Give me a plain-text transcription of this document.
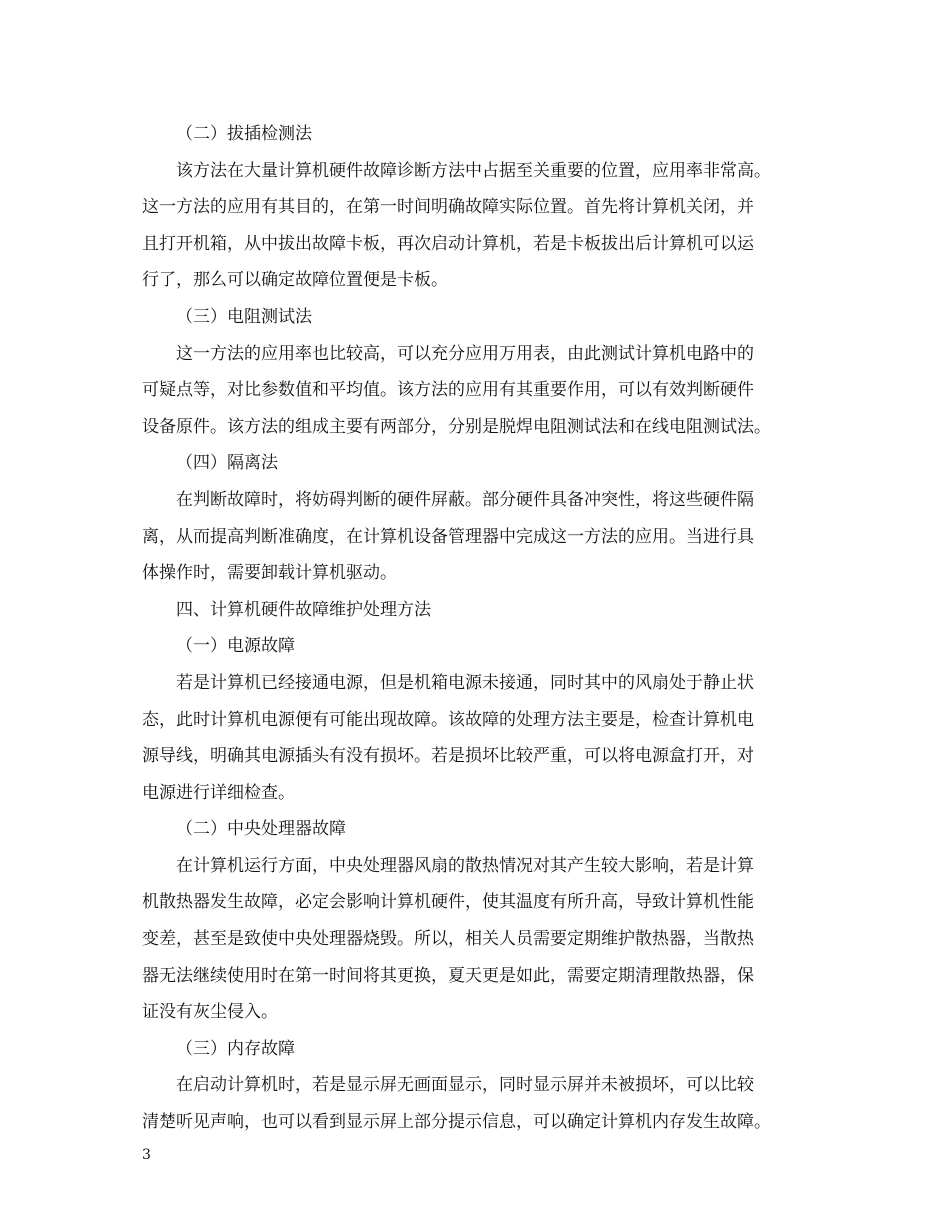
（二）拔插检测法
该方法在大量计算机硬件故障诊断方法中占据至关重要的位置，应用率非常高。
这一方法的应用有其目的，在第一时间明确故障实际位置。首先将计算机关闭，并
且打开机箱，从中拔出故障卡板，再次启动计算机，若是卡板拔出后计算机可以运
行了，那么可以确定故障位置便是卡板。
（三）电阻测试法
这一方法的应用率也比较高，可以充分应用万用表，由此测试计算机电路中的
可疑点等，对比参数值和平均值。该方法的应用有其重要作用，可以有效判断硬件
设备原件。该方法的组成主要有两部分，分别是脱焊电阻测试法和在线电阻测试法。
（四）隔离法
在判断故障时，将妨碍判断的硬件屏蔽。部分硬件具备冲突性，将这些硬件隔
离，从而提高判断准确度，在计算机设备管理器中完成这一方法的应用。当进行具
体操作时，需要卸载计算机驱动。
四、计算机硬件故障维护处理方法
（一）电源故障
若是计算机已经接通电源，但是机箱电源未接通，同时其中的风扇处于静止状
态，此时计算机电源便有可能出现故障。该故障的处理方法主要是，检查计算机电
源导线，明确其电源插头有没有损坏。若是损坏比较严重，可以将电源盒打开，对
电源进行详细检查。
（二）中央处理器故障
在计算机运行方面，中央处理器风扇的散热情况对其产生较大影响，若是计算
机散热器发生故障，必定会影响计算机硬件，使其温度有所升高，导致计算机性能
变差，甚至是致使中央处理器烧毁。所以，相关人员需要定期维护散热器，当散热
器无法继续使用时在第一时间将其更换，夏天更是如此，需要定期清理散热器，保
证没有灰尘侵入。
（三）内存故障
在启动计算机时，若是显示屏无画面显示，同时显示屏并未被损坏，可以比较
清楚听见声响，也可以看到显示屏上部分提示信息，可以确定计算机内存发生故障。
3
